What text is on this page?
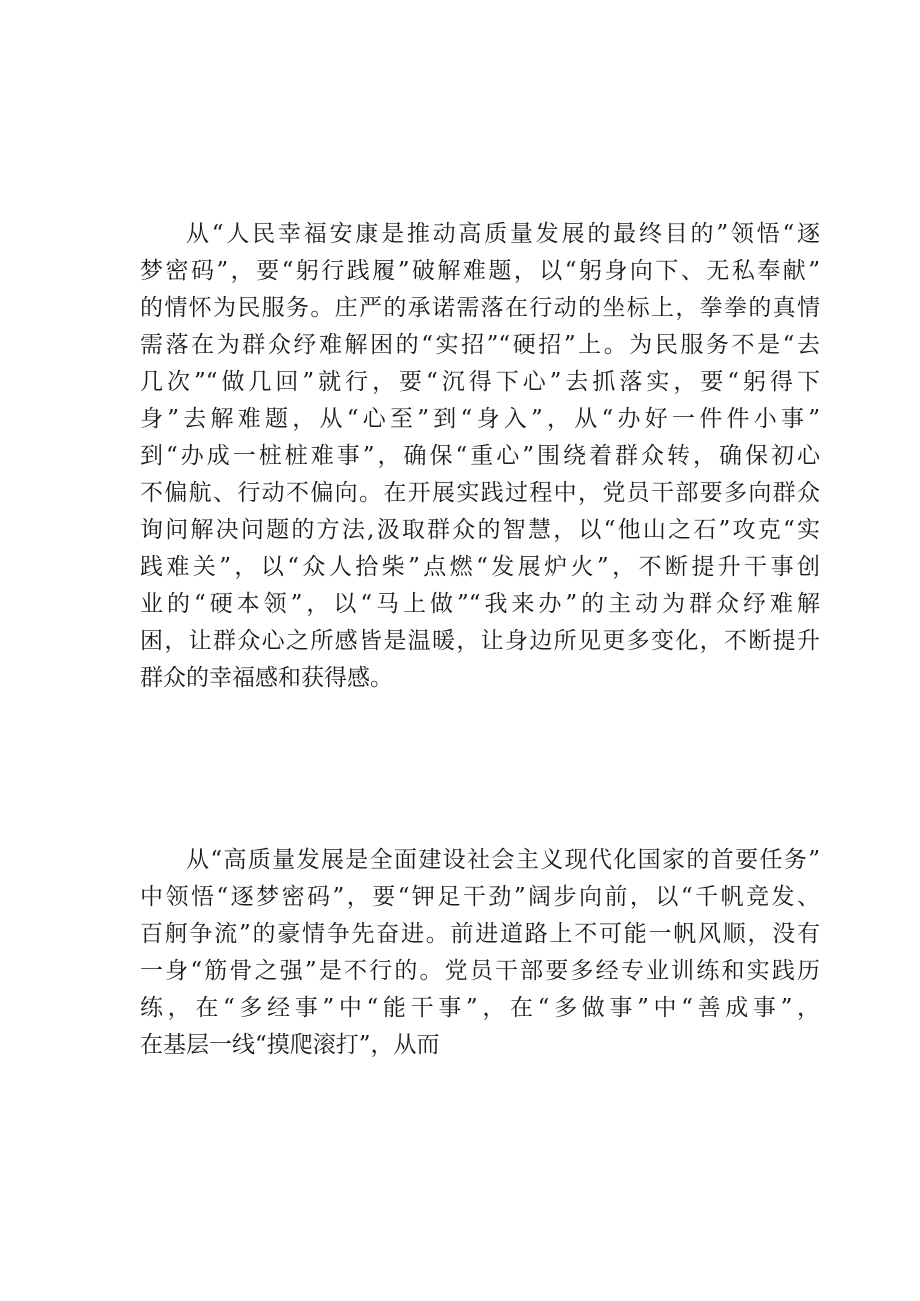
从“人民幸福安康是推动高质量发展的最终目的”领悟“逐
梦密码”，要“躬行践履”破解难题，以“躬身向下、无私奉献”
的情怀为民服务。庄严的承诺需落在行动的坐标上，拳拳的真情
需落在为群众纾难解困的“实招”“硬招”上。为民服务不是“去
几次”“做几回”就行，要“沉得下心”去抓落实，要“躬得下
身”去解难题，从“心至”到“身入”，从“办好一件件小事”
到“办成一桩桩难事”，确保“重心”围绕着群众转，确保初心
不偏航、行动不偏向。在开展实践过程中，党员干部要多向群众
询问解决问题的方法,汲取群众的智慧，以“他山之石”攻克“实
践难关”，以“众人拾柴”点燃“发展炉火”，不断提升干事创
业的“硬本领”，以“马上做”“我来办”的主动为群众纾难解
困，让群众心之所感皆是温暖，让身边所见更多变化，不断提升
群众的幸福感和获得感。
从“高质量发展是全面建设社会主义现代化国家的首要任务”
中领悟“逐梦密码”，要“钾足干劲”阔步向前，以“千帆竞发、
百舸争流”的豪情争先奋进。前进道路上不可能一帆风顺，没有
一身“筋骨之强”是不行的。党员干部要多经专业训练和实践历
练，在“多经事”中“能干事”，在“多做事”中“善成事”，
在基层一线“摸爬滚打”，从而
